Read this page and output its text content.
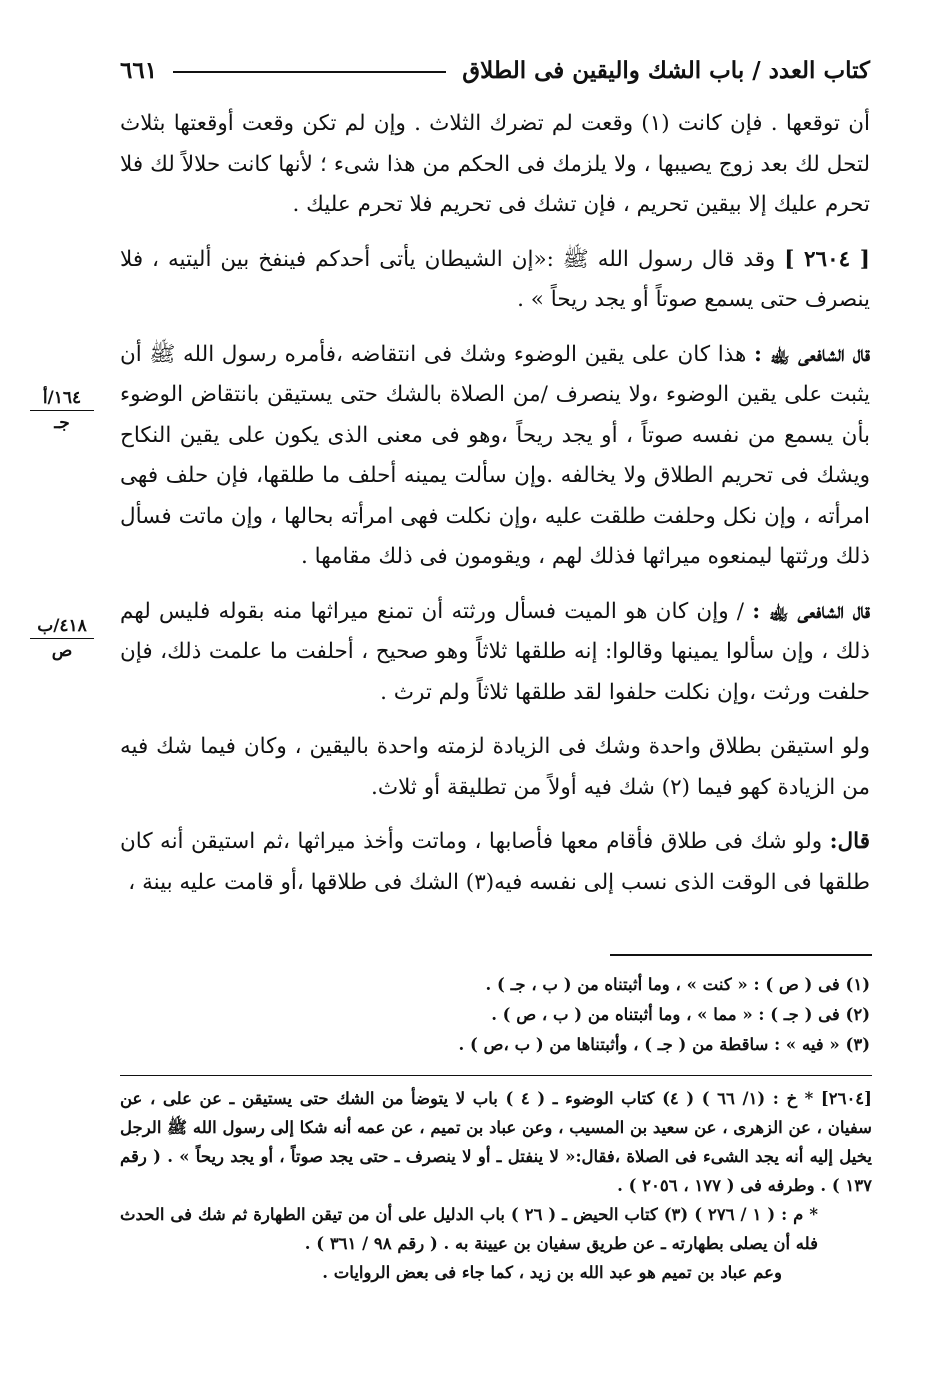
كتاب العدد / باب الشك واليقين فى الطلاق
٦٦١
١٦٤/أ
جـ
٤١٨/ب
ص

أن توقعها . فإن كانت (١) وقعت لم تضرك الثلاث . وإن لم تكن وقعت أوقعتها بثلاث لتحل لك بعد زوج يصيبها ، ولا يلزمك فى الحكم من هذا شىء ؛ لأنها كانت حلالاً لك فلا تحرم عليك إلا بيقين تحريم ، فإن تشك فى تحريم فلا تحرم عليك .

[ ٢٦٠٤ ] وقد قال رسول الله ﷺ :«إن الشيطان يأتى أحدكم فينفخ بين أليتيه ، فلا ينصرف حتى يسمع صوتاً أو يجد ريحاً » .

قال الشافعى ﵀ : هذا كان على يقين الوضوء وشك فى انتقاضه ،فأمره رسول الله ﷺ أن يثبت على يقين الوضوء ،ولا ينصرف /من الصلاة بالشك حتى يستيقن بانتقاض الوضوء بأن يسمع من نفسه صوتاً ، أو يجد ريحاً ،وهو فى معنى الذى يكون على يقين النكاح ويشك فى تحريم الطلاق ولا يخالفه .وإن سألت يمينه أحلف ما طلقها، فإن حلف فهى امرأته ، وإن نكل وحلفت طلقت عليه ،وإن نكلت فهى امرأته بحالها ، وإن ماتت فسأل ذلك ورثتها ليمنعوه ميراثها فذلك لهم ، ويقومون فى ذلك مقامها .

قال الشافعى ﵀ : / وإن كان هو الميت فسأل ورثته أن تمنع ميراثها منه بقوله فليس لهم ذلك ، وإن سألوا يمينها وقالوا: إنه طلقها ثلاثاً وهو صحيح ، أحلفت ما علمت ذلك، فإن حلفت ورثت ،وإن نكلت حلفوا لقد طلقها ثلاثاً ولم ترث .

ولو استيقن بطلاق واحدة وشك فى الزيادة لزمته واحدة باليقين ، وكان فيما شك فيه من الزيادة كهو فيما (٢) شك فيه أولاً من تطليقة أو ثلاث.

قال: ولو شك فى طلاق فأقام معها فأصابها ، وماتت وأخذ ميراثها ،ثم استيقن أنه كان طلقها فى الوقت الذى نسب إلى نفسه فيه(٣) الشك فى طلاقها ،أو قامت عليه بينة ،

(١) فى ( ص ) : « كنت » ، وما أثبتناه من ( ب ، جـ ) .

(٢) فى ( جـ ) : « مما » ، وما أثبتناه من ( ب ، ص ) .

(٣) « فيه » : ساقطة من ( جـ ) ، وأثبتناها من ( ب ،ص ) .

[٢٦٠٤] * خ : (١/ ٦٦ ) ( ٤) كتاب الوضوء ـ ( ٤ ) باب لا يتوضأ من الشك حتى يستيقن ـ عن على ، عن سفيان ، عن الزهرى ، عن سعيد بن المسيب ، وعن عباد بن تميم ، عن عمه أنه شكا إلى رسول الله ﷺ الرجل يخيل إليه أنه يجد الشىء فى الصلاة ،فقال:« لا ينفتل ـ أو لا ينصرف ـ حتى يجد صوتاً ، أو يجد ريحاً » . ( رقم ١٣٧ ) . وطرفه فى ( ١٧٧ ، ٢٠٥٦ ) .

* م : ( ١ / ٢٧٦ ) (٣) كتاب الحيض ـ ( ٢٦ ) باب الدليل على أن من تيقن الطهارة ثم شك فى الحدث فله أن يصلى بطهارته ـ عن طريق سفيان بن عيينة به . ( رقم ٩٨ / ٣٦١ ) .

وعم عباد بن تميم هو عبد الله بن زيد ، كما جاء فى بعض الروايات .
